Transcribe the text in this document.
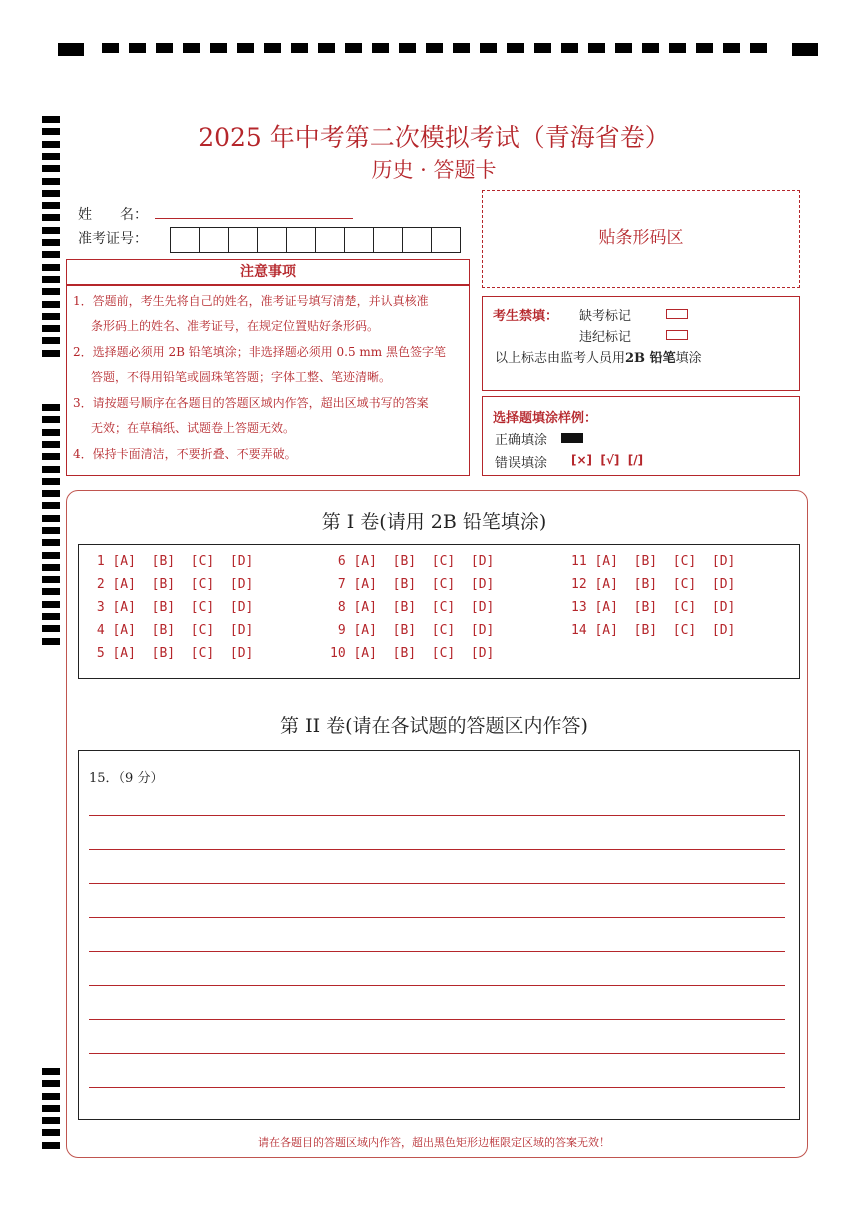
2025 年中考第二次模拟考试（青海省卷）
历史 · 答题卡
姓　　名：
准考证号：
注意事项
1．答题前，考生先将自己的姓名，准考证号填写清楚，并认真核准
条形码上的姓名、准考证号，在规定位置贴好条形码。
2．选择题必须用 2B 铅笔填涂；非选择题必须用 0.5 mm 黑色签字笔
答题，不得用铅笔或圆珠笔答题；字体工整、笔迹清晰。
3．请按题号顺序在各题目的答题区域内作答，超出区域书写的答案
无效；在草稿纸、试题卷上答题无效。
4．保持卡面清洁，不要折叠、不要弄破。
贴条形码区
考生禁填： 缺考标记
违纪标记
以上标志由监考人员用2B 铅笔填涂
选择题填涂样例：
正确填涂
错误填涂 [×]  [√]  [/]
第 I 卷(请用 2B 铅笔填涂)
1 [A]  [B]  [C]  [D]
2 [A]  [B]  [C]  [D]
3 [A]  [B]  [C]  [D]
4 [A]  [B]  [C]  [D]
5 [A]  [B]  [C]  [D]
6 [A]  [B]  [C]  [D]
7 [A]  [B]  [C]  [D]
8 [A]  [B]  [C]  [D]
9 [A]  [B]  [C]  [D]
10 [A]  [B]  [C]  [D]
11 [A]  [B]  [C]  [D]
12 [A]  [B]  [C]  [D]
13 [A]  [B]  [C]  [D]
14 [A]  [B]  [C]  [D]
第 II 卷(请在各试题的答题区内作答)
15．（9 分）
请在各题目的答题区域内作答，超出黑色矩形边框限定区域的答案无效！
